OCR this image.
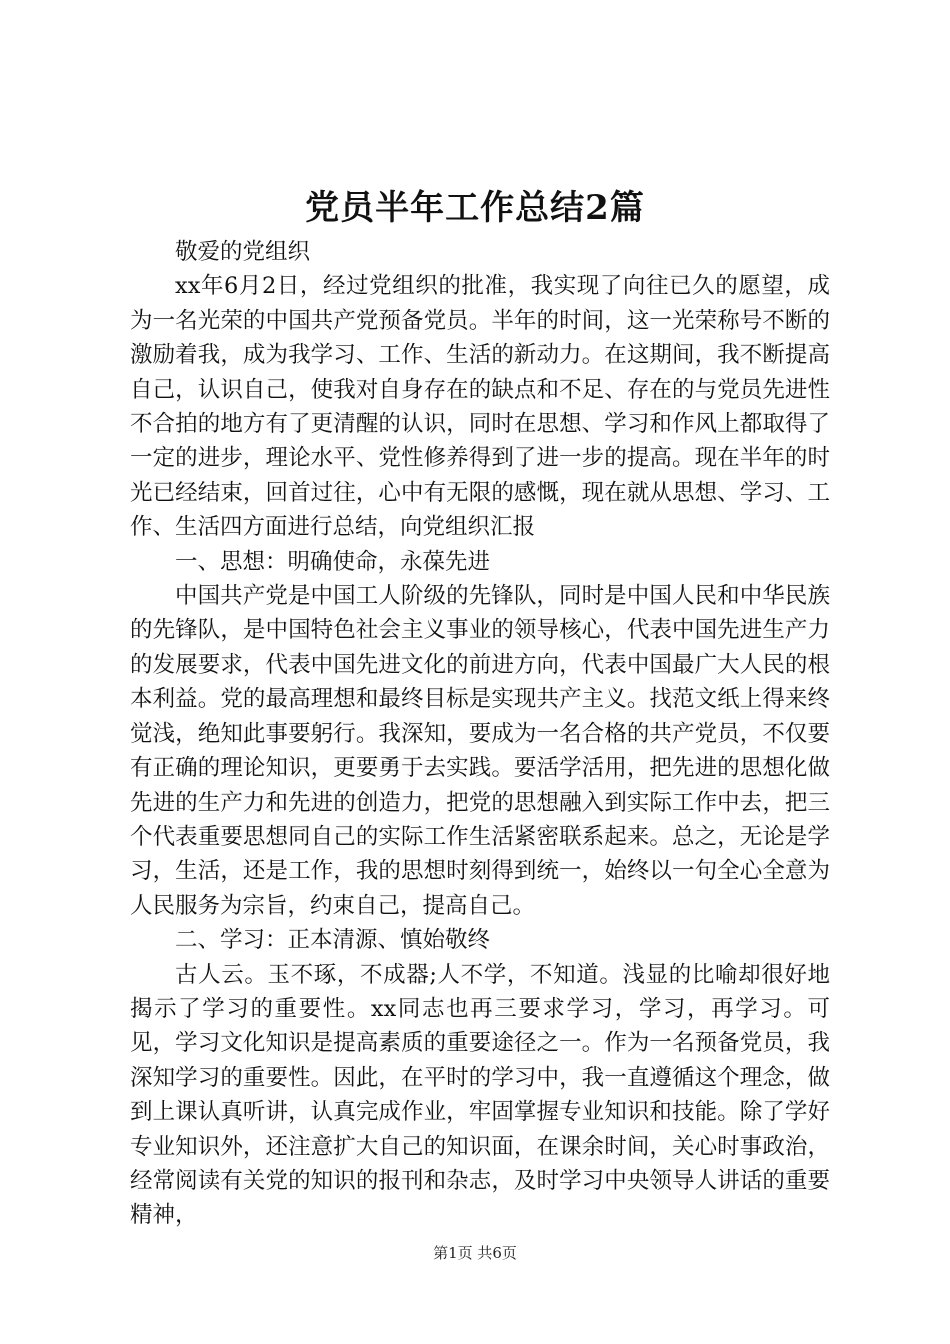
党员半年工作总结2篇

敬爱的党组织

xx年6月2日，经过党组织的批准，我实现了向往已久的愿望，成为一名光荣的中国共产党预备党员。半年的时间，这一光荣称号不断的激励着我，成为我学习、工作、生活的新动力。在这期间，我不断提高自己，认识自己，使我对自身存在的缺点和不足、存在的与党员先进性不合拍的地方有了更清醒的认识，同时在思想、学习和作风上都取得了一定的进步，理论水平、党性修养得到了进一步的提高。现在半年的时光已经结束，回首过往，心中有无限的感慨，现在就从思想、学习、工作、生活四方面进行总结，向党组织汇报

一、思想：明确使命，永葆先进

中国共产党是中国工人阶级的先锋队，同时是中国人民和中华民族的先锋队，是中国特色社会主义事业的领导核心，代表中国先进生产力的发展要求，代表中国先进文化的前进方向，代表中国最广大人民的根本利益。党的最高理想和最终目标是实现共产主义。找范文纸上得来终觉浅，绝知此事要躬行。我深知，要成为一名合格的共产党员，不仅要有正确的理论知识，更要勇于去实践。要活学活用，把先进的思想化做先进的生产力和先进的创造力，把党的思想融入到实际工作中去，把三个代表重要思想同自己的实际工作生活紧密联系起来。总之，无论是学习，生活，还是工作，我的思想时刻得到统一，始终以一句全心全意为人民服务为宗旨，约束自己，提高自己。

二、学习：正本清源、慎始敬终

古人云。玉不琢，不成器;人不学，不知道。浅显的比喻却很好地揭示了学习的重要性。xx同志也再三要求学习，学习，再学习。可见，学习文化知识是提高素质的重要途径之一。作为一名预备党员，我深知学习的重要性。因此，在平时的学习中，我一直遵循这个理念，做到上课认真听讲，认真完成作业，牢固掌握专业知识和技能。除了学好专业知识外，还注意扩大自己的知识面，在课余时间，关心时事政治，经常阅读有关党的知识的报刊和杂志，及时学习中央领导人讲话的重要精神，

第1页 共6页
